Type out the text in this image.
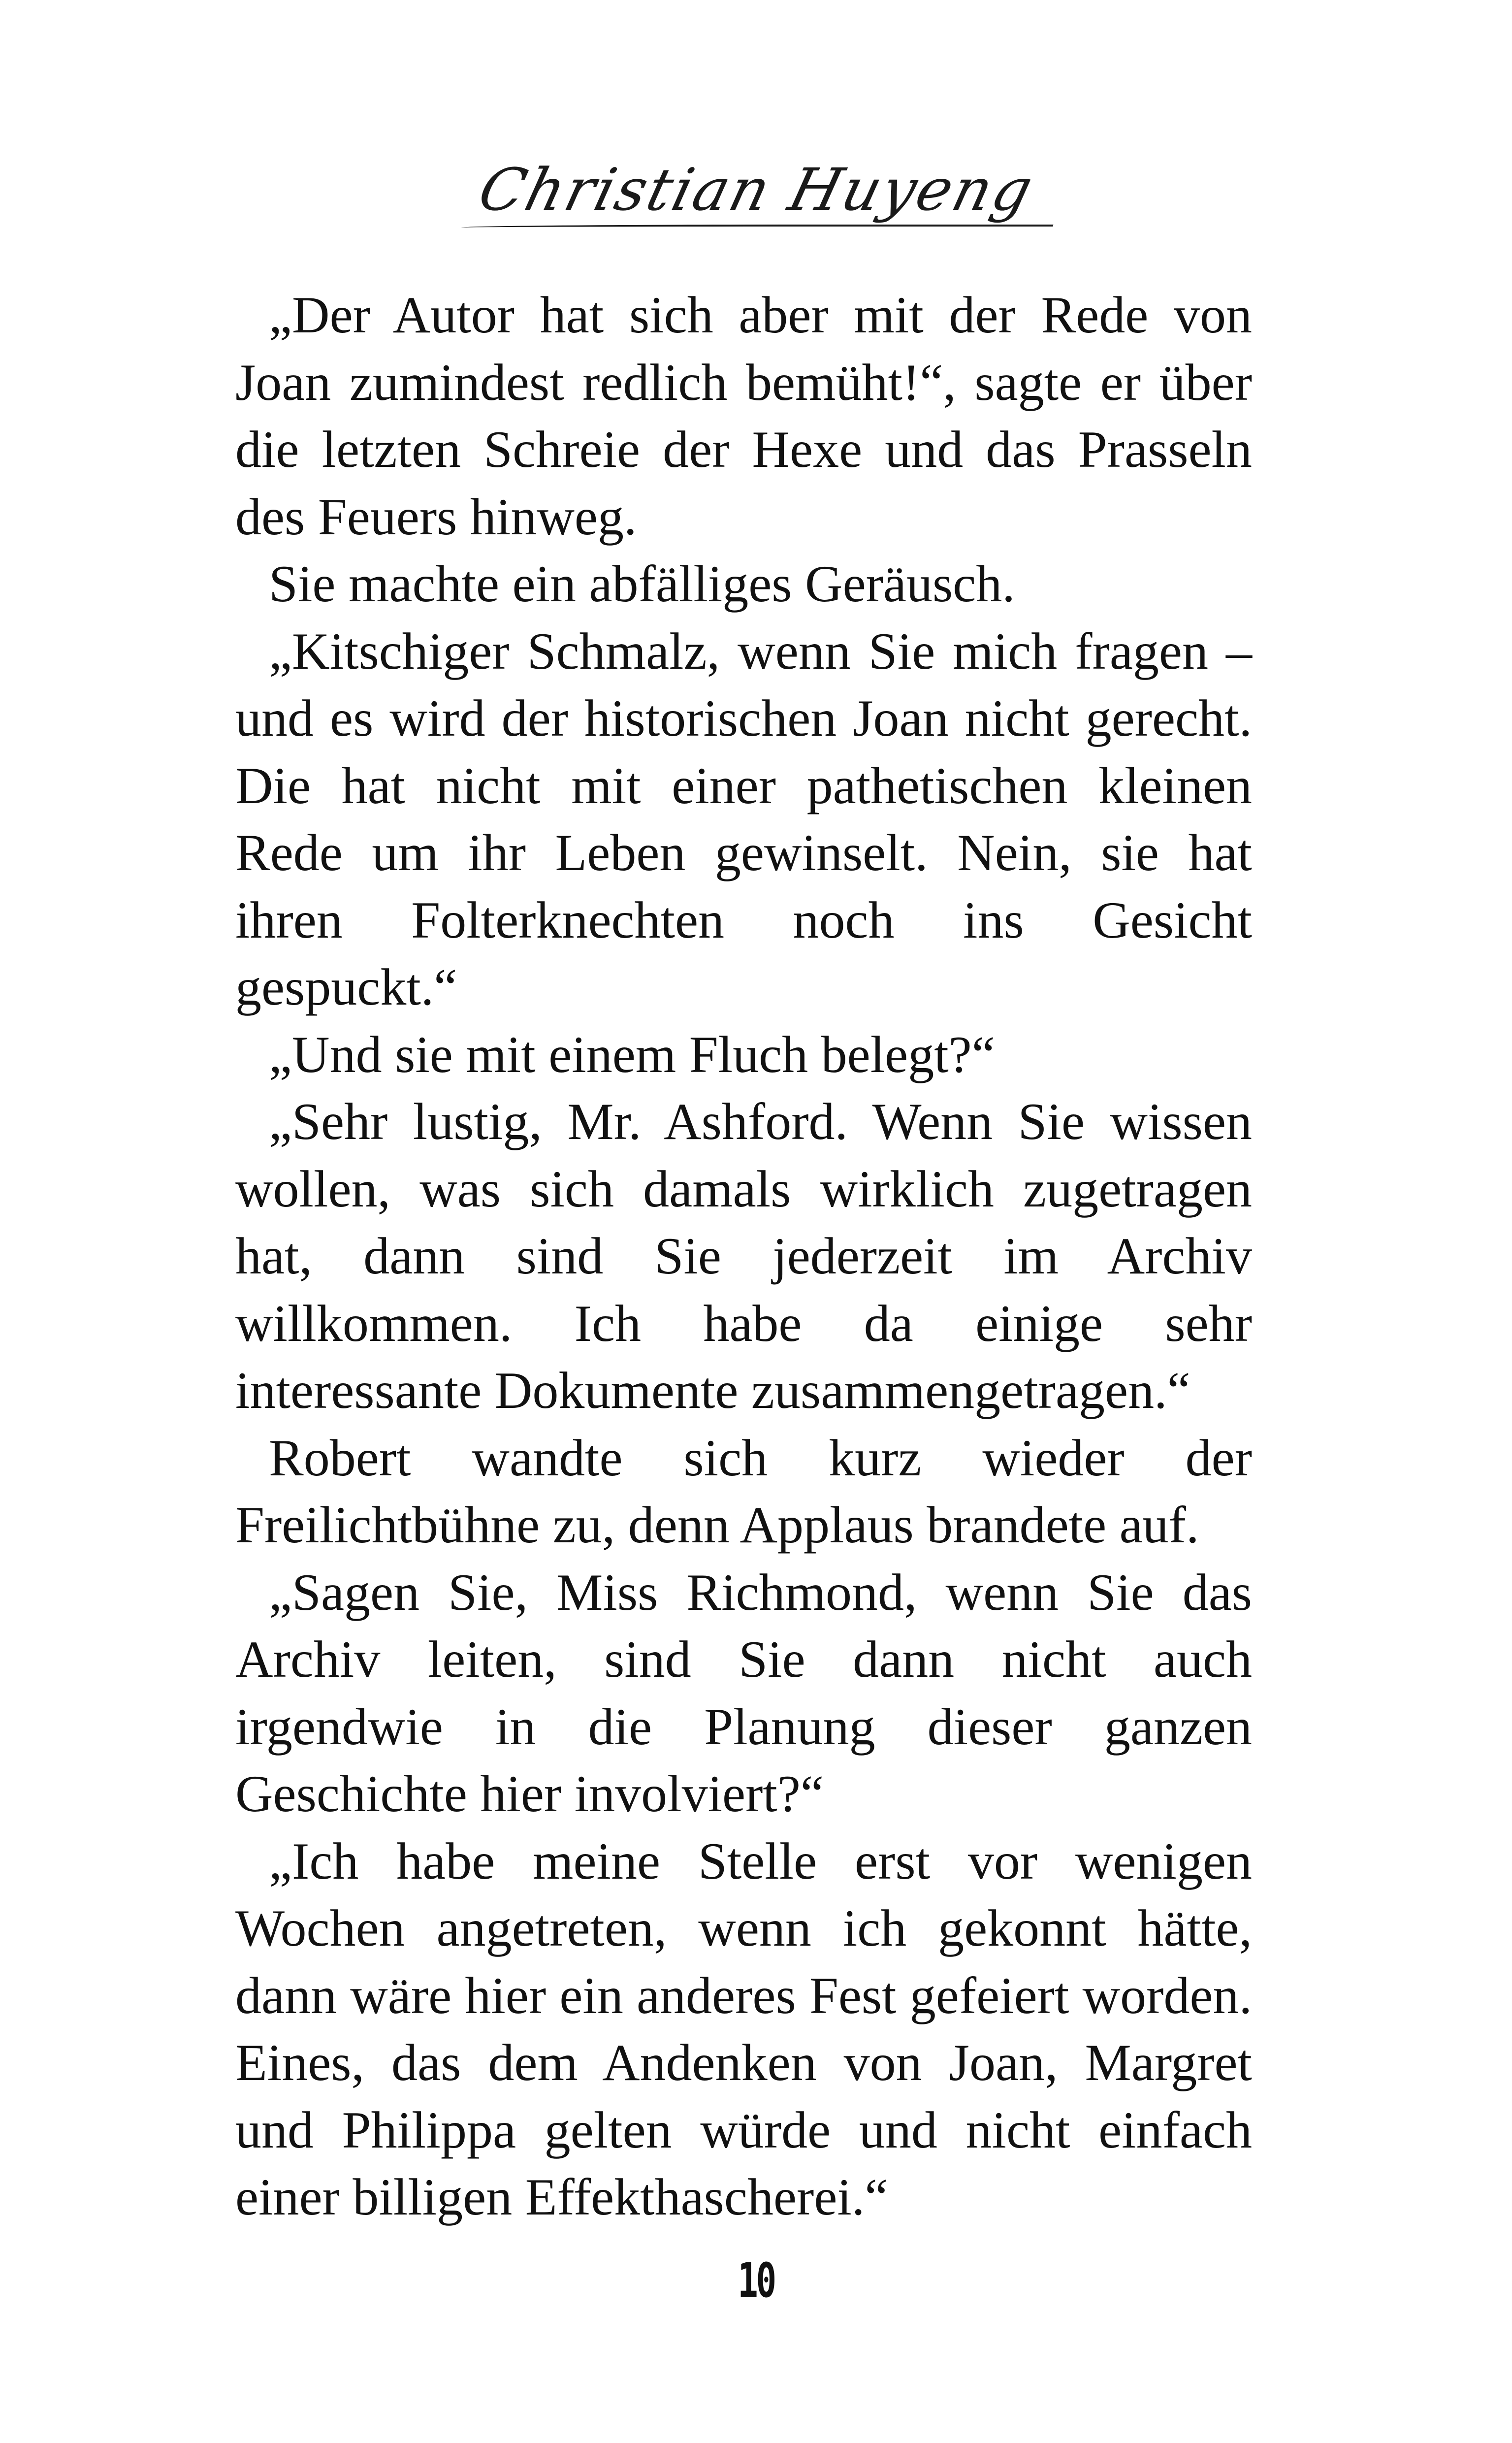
Christian Huyeng

„Der Autor hat sich aber mit der Rede von Joan zumindest redlich bemüht!“, sagte er über die letzten Schreie der Hexe und das Prasseln des Feuers hinweg.

Sie machte ein abfälliges Geräusch.

„Kitschiger Schmalz, wenn Sie mich fragen – und es wird der historischen Joan nicht gerecht. Die hat nicht mit einer pathetischen kleinen Rede um ihr Leben gewinselt. Nein, sie hat ihren Folterknechten noch ins Gesicht gespuckt.“

„Und sie mit einem Fluch belegt?“

„Sehr lustig, Mr. Ashford. Wenn Sie wissen wollen, was sich damals wirklich zugetragen hat, dann sind Sie jederzeit im Archiv willkommen. Ich habe da einige sehr interessante Dokumente zusammengetragen.“

Robert wandte sich kurz wieder der Freilichtbühne zu, denn Applaus brandete auf.

„Sagen Sie, Miss Richmond, wenn Sie das Archiv leiten, sind Sie dann nicht auch irgendwie in die Planung dieser ganzen Geschichte hier involviert?“

„Ich habe meine Stelle erst vor wenigen Wochen angetreten, wenn ich gekonnt hätte, dann wäre hier ein anderes Fest gefeiert worden. Eines, das dem Andenken von Joan, Margret und Philippa gelten würde und nicht einfach einer billigen Effekthascherei.“

10
